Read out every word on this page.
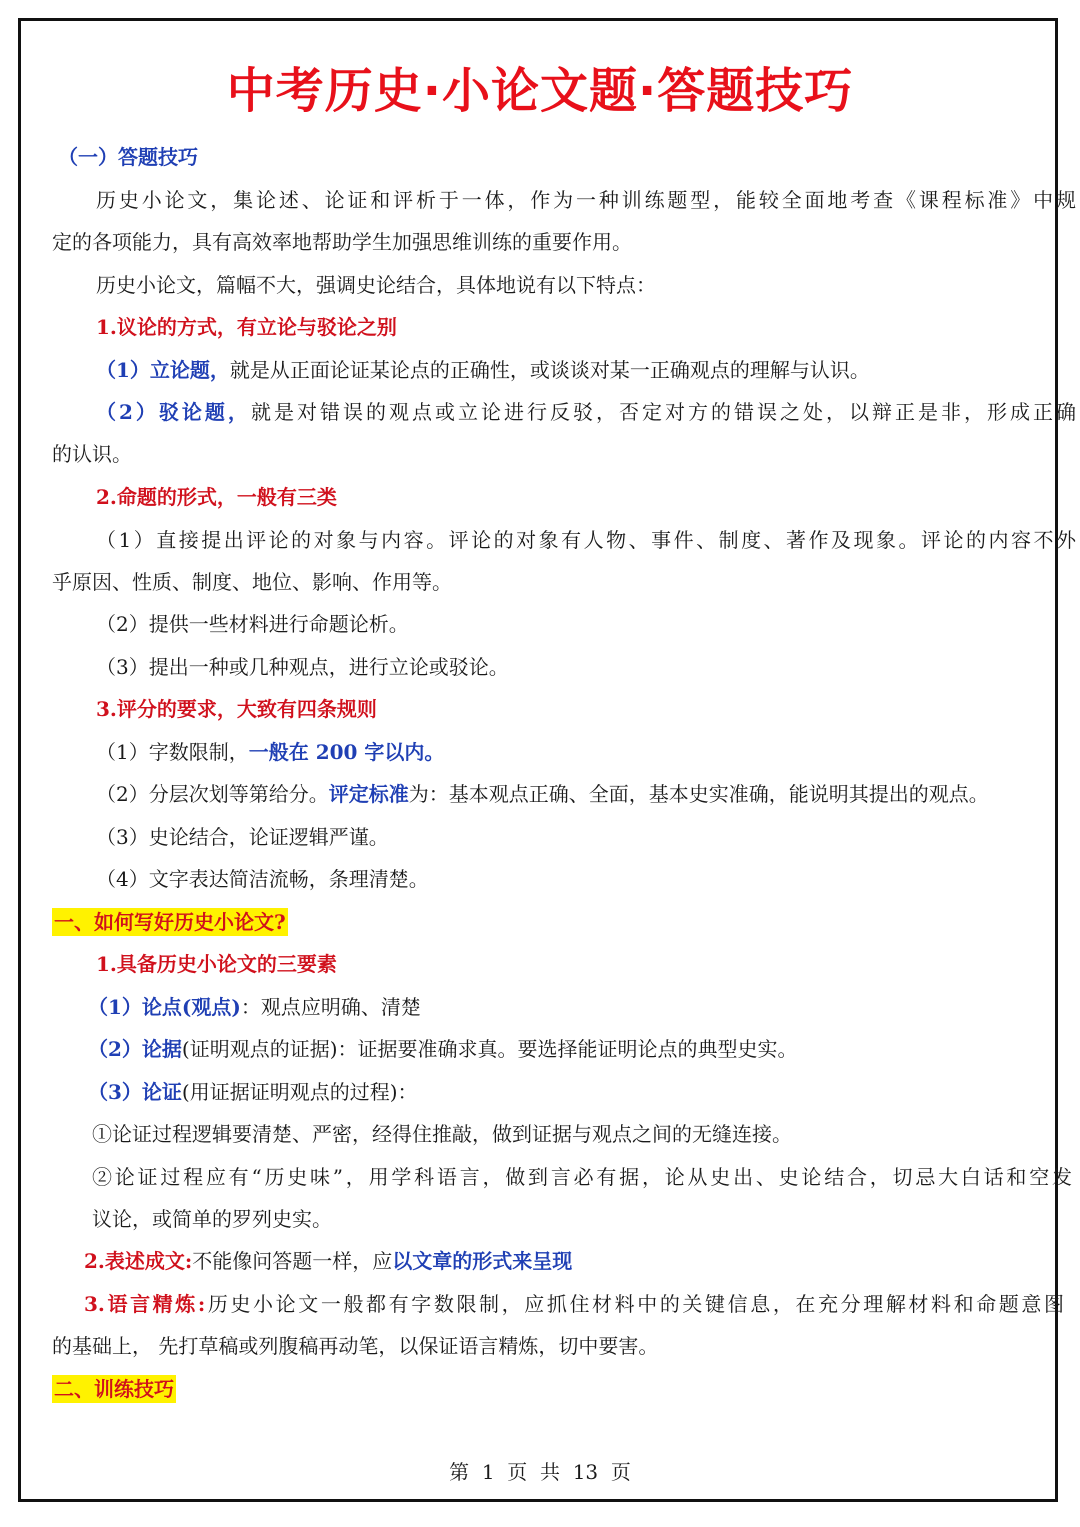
中考历史·小论文题·答题技巧
（一）答题技巧
历史小论文，集论述、论证和评析于一体，作为一种训练题型，能较全面地考查《课程标准》中规
定的各项能力，具有高效率地帮助学生加强思维训练的重要作用。
历史小论文，篇幅不大，强调史论结合，具体地说有以下特点：
1.议论的方式，有立论与驳论之别
（1）立论题，就是从正面论证某论点的正确性，或谈谈对某一正确观点的理解与认识。
（2）驳论题，就是对错误的观点或立论进行反驳，否定对方的错误之处，以辩正是非，形成正确
的认识。
2.命题的形式，一般有三类
（1）直接提出评论的对象与内容。评论的对象有人物、事件、制度、著作及现象。评论的内容不外
乎原因、性质、制度、地位、影响、作用等。
（2）提供一些材料进行命题论析。
（3）提出一种或几种观点，进行立论或驳论。
3.评分的要求，大致有四条规则
（1）字数限制，一般在 200 字以内。
（2）分层次划等第给分。评定标准为：基本观点正确、全面，基本史实准确，能说明其提出的观点。
（3）史论结合，论证逻辑严谨。
（4）文字表达简洁流畅，条理清楚。
一、如何写好历史小论文?
1.具备历史小论文的三要素
（1）论点(观点)：观点应明确、清楚
（2）论据(证明观点的证据)：证据要准确求真。要选择能证明论点的典型史实。
（3）论证(用证据证明观点的过程)：
①论证过程逻辑要清楚、严密，经得住推敲，做到证据与观点之间的无缝连接。
②论证过程应有“历史味”，用学科语言，做到言必有据，论从史出、史论结合，切忌大白话和空发
议论，或简单的罗列史实。
2.表述成文:不能像问答题一样，应以文章的形式来呈现
3.语言精炼:历史小论文一般都有字数限制，应抓住材料中的关键信息，在充分理解材料和命题意图
的基础上， 先打草稿或列腹稿再动笔，以保证语言精炼，切中要害。
二、训练技巧
第  1  页  共  13  页
